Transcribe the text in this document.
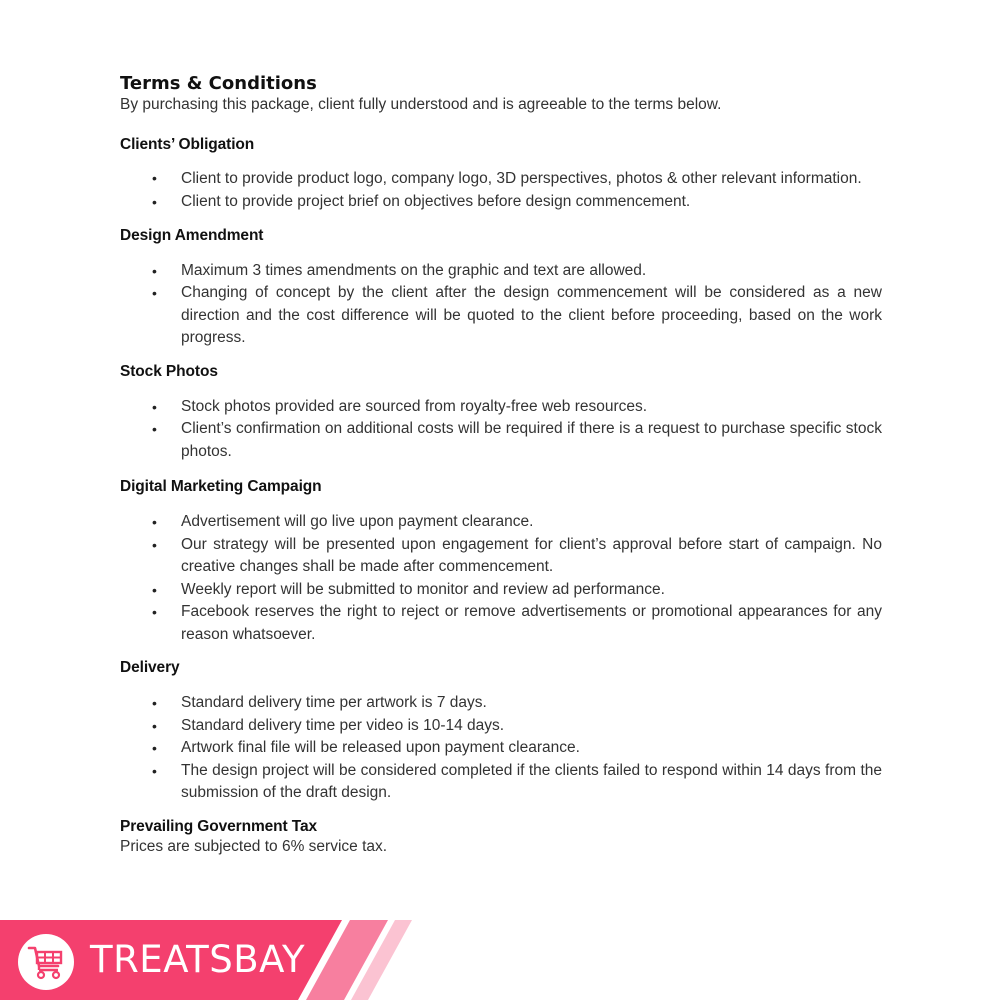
Terms & Conditions

By purchasing this package, client fully understood and is agreeable to the terms below.

Clients’ Obligation

• Client to provide product logo, company logo, 3D perspectives, photos & other relevant information.
• Client to provide project brief on objectives before design commencement.

Design Amendment

• Maximum 3 times amendments on the graphic and text are allowed.
• Changing of concept by the client after the design commencement will be considered as a new direction and the cost difference will be quoted to the client before proceeding, based on the work progress.

Stock Photos

• Stock photos provided are sourced from royalty-free web resources.
• Client’s confirmation on additional costs will be required if there is a request to purchase specific stock photos.

Digital Marketing Campaign

• Advertisement will go live upon payment clearance.
• Our strategy will be presented upon engagement for client’s approval before start of campaign. No creative changes shall be made after commencement.
• Weekly report will be submitted to monitor and review ad performance.
• Facebook reserves the right to reject or remove advertisements or promotional appearances for any reason whatsoever.

Delivery

• Standard delivery time per artwork is 7 days.
• Standard delivery time per video is 10-14 days.
• Artwork final file will be released upon payment clearance.
• The design project will be considered completed if the clients failed to respond within 14 days from the submission of the draft design.

Prevailing Government Tax

Prices are subjected to 6% service tax.

TREATSBAY
